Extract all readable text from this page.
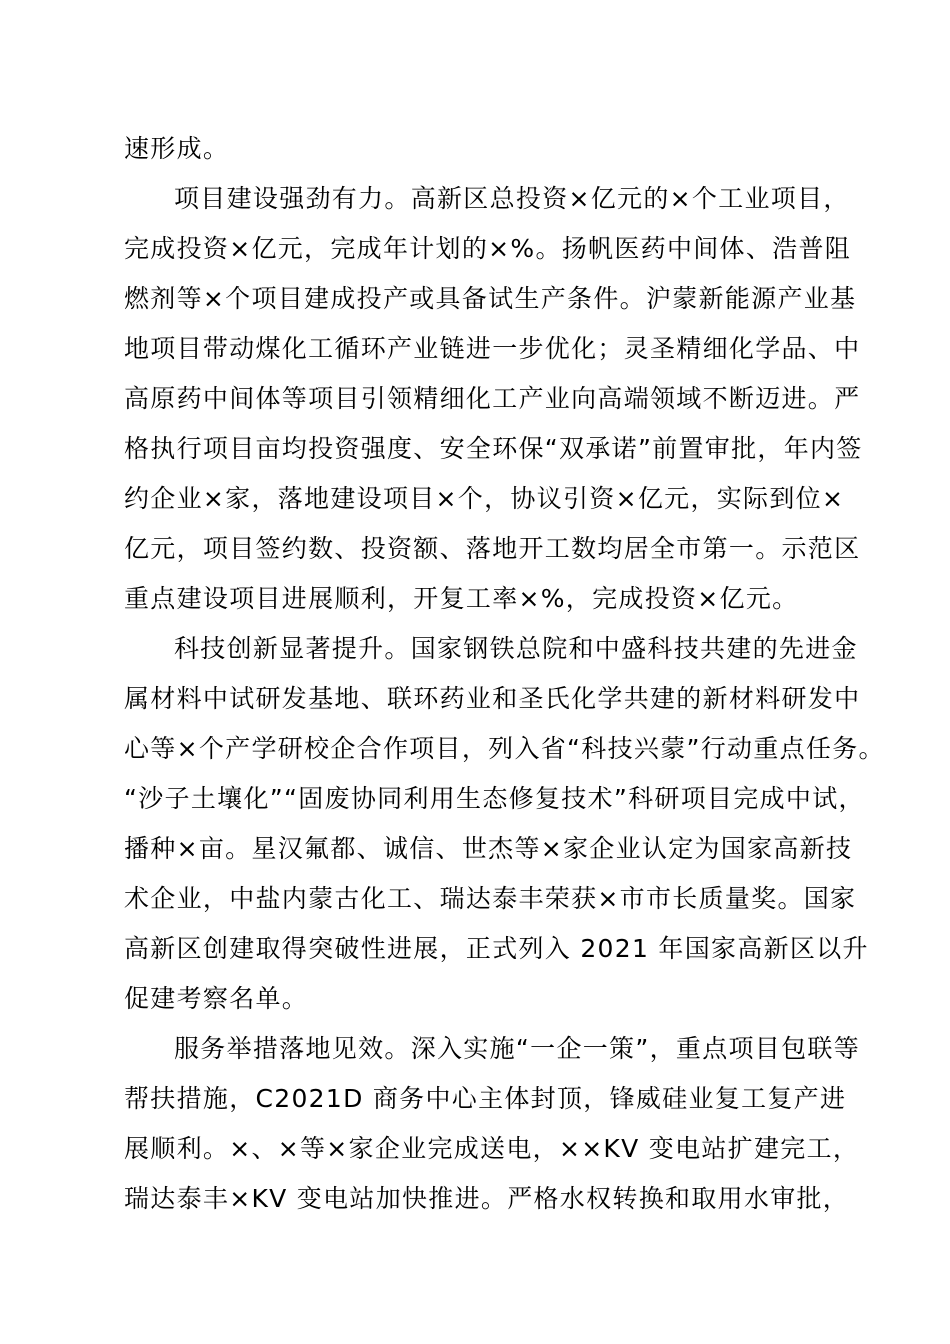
速形成。
项目建设强劲有力。高新区总投资×亿元的×个工业项目，
完成投资×亿元，完成年计划的×%。扬帆医药中间体、浩普阻
燃剂等×个项目建成投产或具备试生产条件。沪蒙新能源产业基
地项目带动煤化工循环产业链进一步优化；灵圣精细化学品、中
高原药中间体等项目引领精细化工产业向高端领域不断迈进。严
格执行项目亩均投资强度、安全环保“双承诺”前置审批，年内签
约企业×家，落地建设项目×个，协议引资×亿元，实际到位×
亿元，项目签约数、投资额、落地开工数均居全市第一。示范区
重点建设项目进展顺利，开复工率×%，完成投资×亿元。
科技创新显著提升。国家钢铁总院和中盛科技共建的先进金
属材料中试研发基地、联环药业和圣氏化学共建的新材料研发中
心等×个产学研校企合作项目，列入省“科技兴蒙”行动重点任务。
“沙子土壤化”“固废协同利用生态修复技术”科研项目完成中试，
播种×亩。星汉氟都、诚信、世杰等×家企业认定为国家高新技
术企业，中盐内蒙古化工、瑞达泰丰荣获×市市长质量奖。国家
高新区创建取得突破性进展，正式列入 2021 年国家高新区以升
促建考察名单。
服务举措落地见效。深入实施“一企一策”，重点项目包联等
帮扶措施，C2021D 商务中心主体封顶，锋威硅业复工复产进
展顺利。×、×等×家企业完成送电，××KV 变电站扩建完工，
瑞达泰丰×KV 变电站加快推进。严格水权转换和取用水审批，
